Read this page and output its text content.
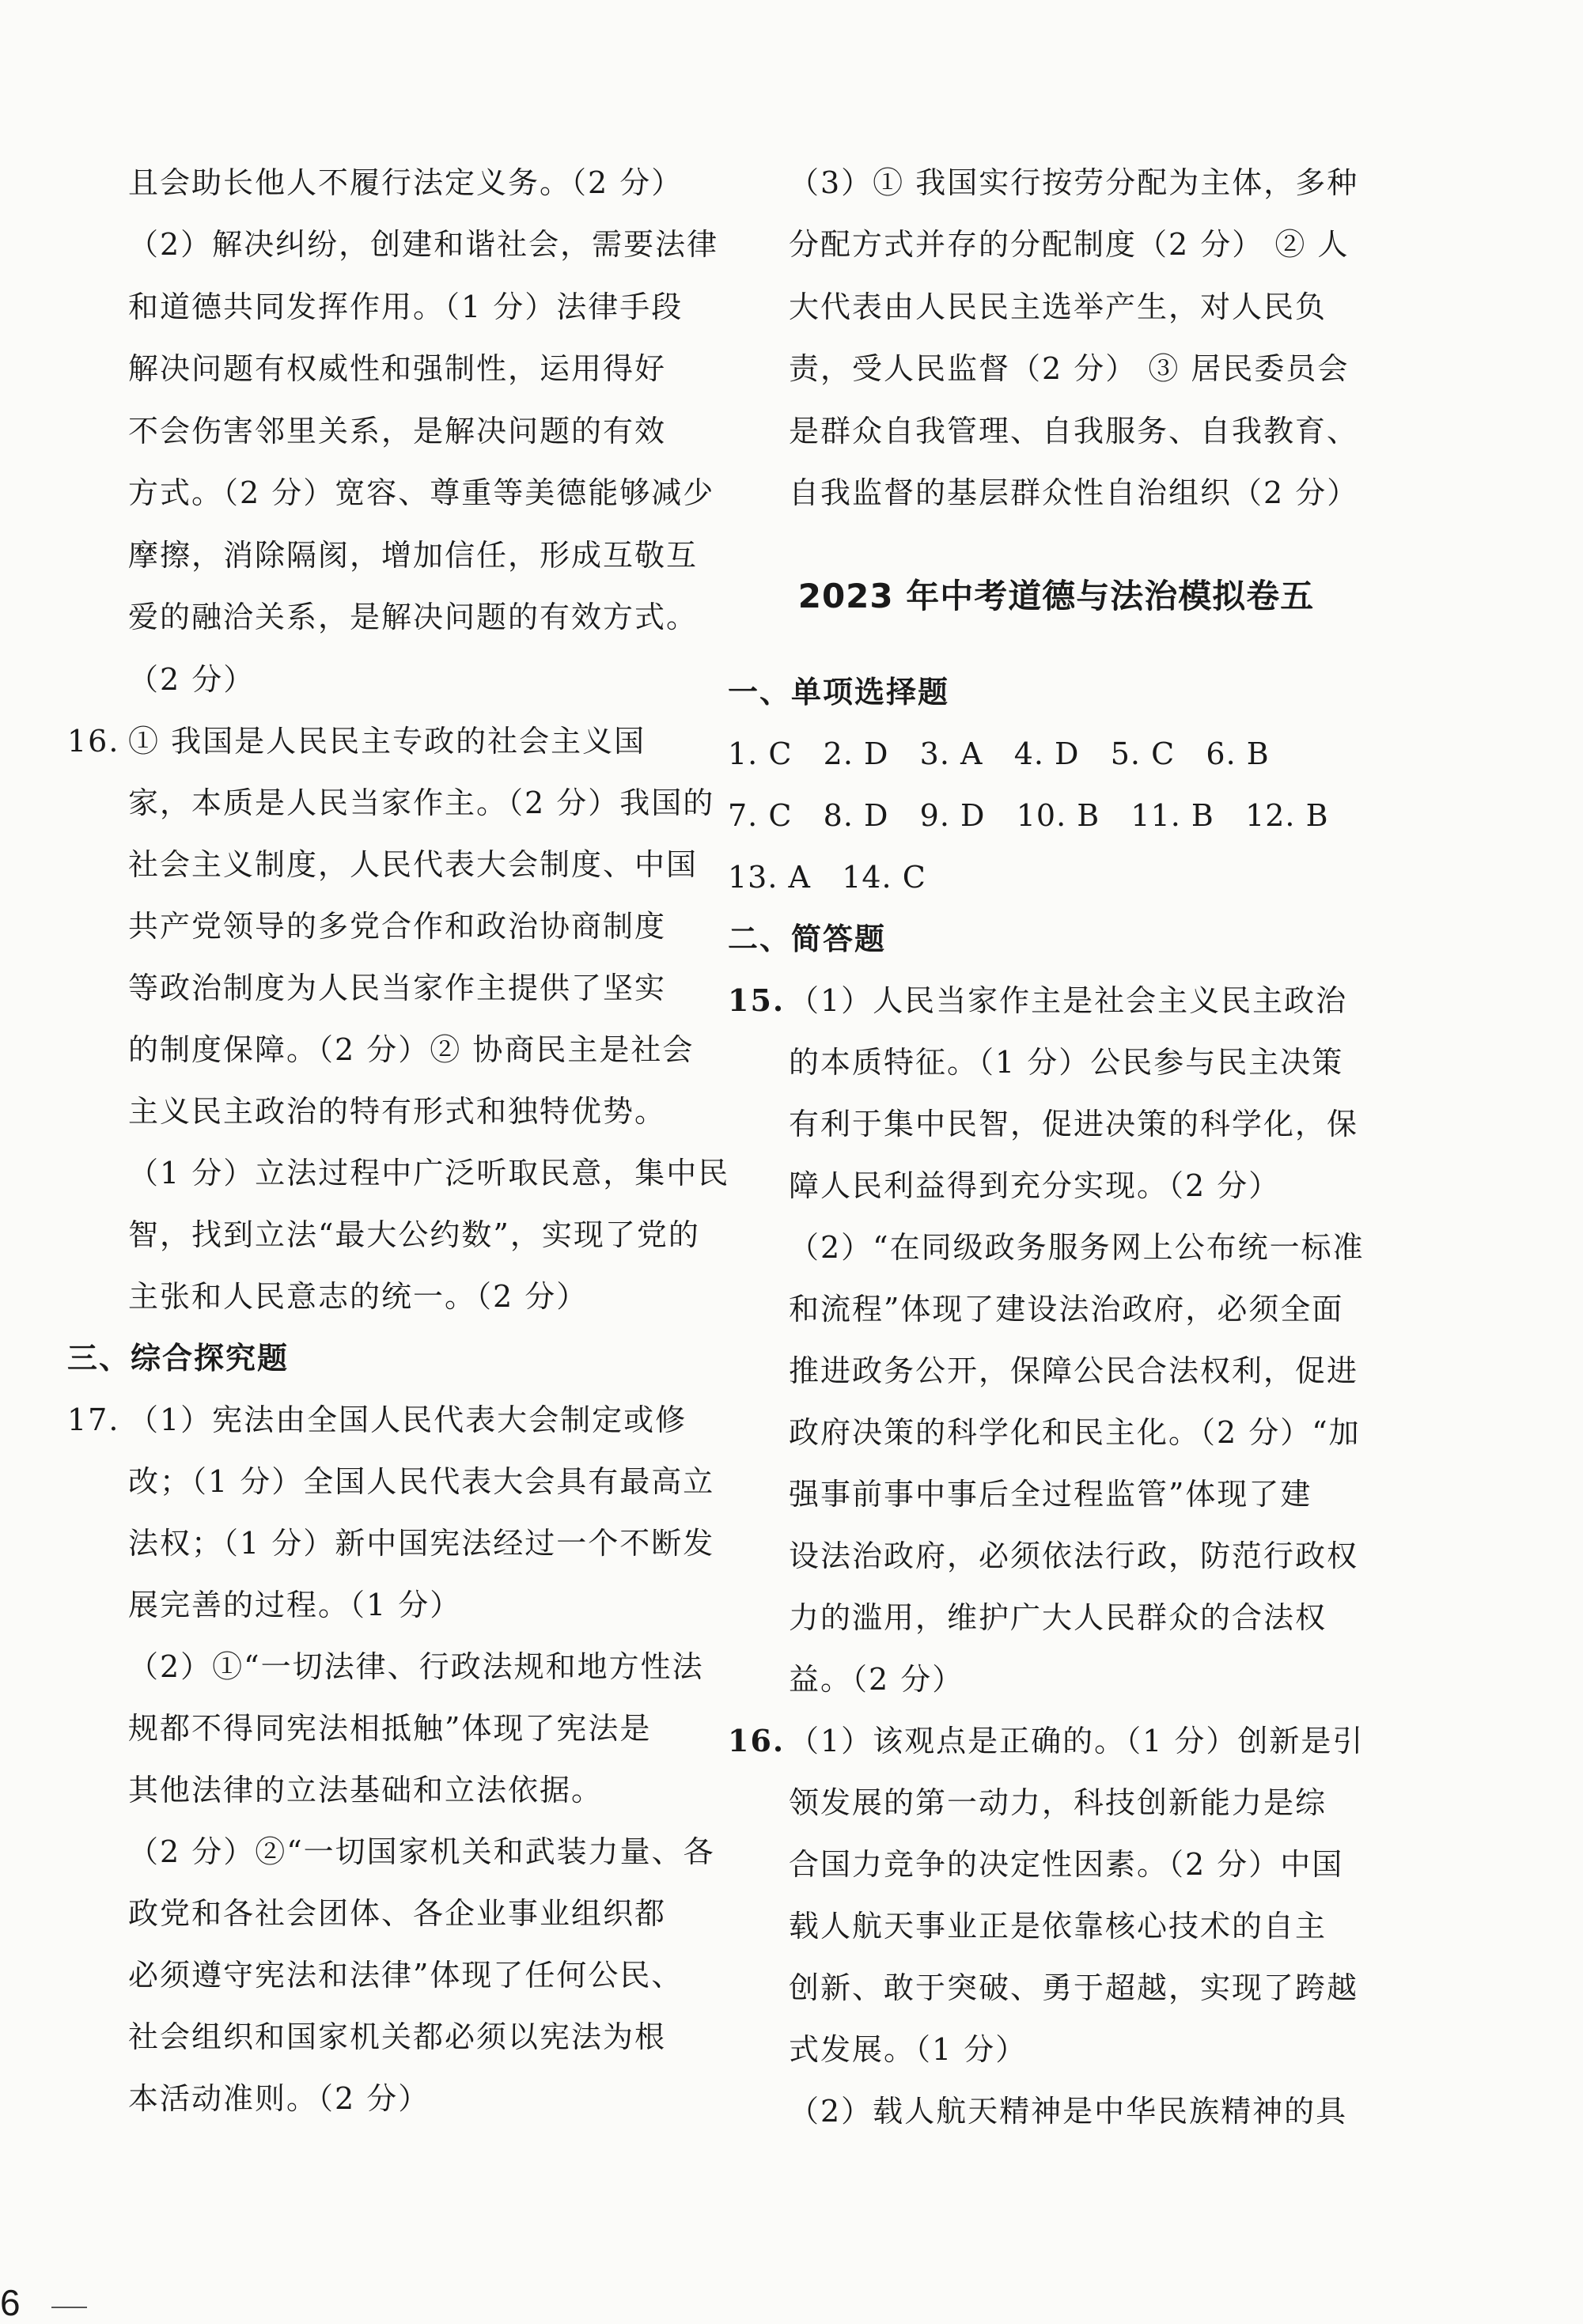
且会助长他人不履行法定义务。（2 分）
（2）解决纠纷，创建和谐社会，需要法律
和道德共同发挥作用。（1 分）法律手段
解决问题有权威性和强制性，运用得好
不会伤害邻里关系，是解决问题的有效
方式。（2 分）宽容、尊重等美德能够减少
摩擦，消除隔阂，增加信任，形成互敬互
爱的融洽关系，是解决问题的有效方式。
（2 分）
16. ① 我国是人民民主专政的社会主义国
家，本质是人民当家作主。（2 分）我国的
社会主义制度，人民代表大会制度、中国
共产党领导的多党合作和政治协商制度
等政治制度为人民当家作主提供了坚实
的制度保障。（2 分）② 协商民主是社会
主义民主政治的特有形式和独特优势。
（1 分）立法过程中广泛听取民意，集中民
智，找到立法“最大公约数”，实现了党的
主张和人民意志的统一。（2 分）
三、综合探究题
17. （1）宪法由全国人民代表大会制定或修
改；（1 分）全国人民代表大会具有最高立
法权；（1 分）新中国宪法经过一个不断发
展完善的过程。（1 分）
（2）①“一切法律、行政法规和地方性法
规都不得同宪法相抵触”体现了宪法是
其他法律的立法基础和立法依据。
（2 分）②“一切国家机关和武装力量、各
政党和各社会团体、各企业事业组织都
必须遵守宪法和法律”体现了任何公民、
社会组织和国家机关都必须以宪法为根
本活动准则。（2 分）
6
（3）① 我国实行按劳分配为主体，多种
分配方式并存的分配制度（2 分） ② 人
大代表由人民民主选举产生，对人民负
责，受人民监督（2 分） ③ 居民委员会
是群众自我管理、自我服务、自我教育、
自我监督的基层群众性自治组织（2 分）
2023 年中考道德与法治模拟卷五
一、单项选择题
1. C   2. D   3. A   4. D   5. C   6. B
7. C   8. D   9. D   10. B   11. B   12. B
13. A   14. C
二、简答题
15. （1）人民当家作主是社会主义民主政治
的本质特征。（1 分）公民参与民主决策
有利于集中民智，促进决策的科学化，保
障人民利益得到充分实现。（2 分）
（2）“在同级政务服务网上公布统一标准
和流程”体现了建设法治政府，必须全面
推进政务公开，保障公民合法权利，促进
政府决策的科学化和民主化。（2 分）“加
强事前事中事后全过程监管”体现了建
设法治政府，必须依法行政，防范行政权
力的滥用，维护广大人民群众的合法权
益。（2 分）
16. （1）该观点是正确的。（1 分）创新是引
领发展的第一动力，科技创新能力是综
合国力竞争的决定性因素。（2 分）中国
载人航天事业正是依靠核心技术的自主
创新、敢于突破、勇于超越，实现了跨越
式发展。（1 分）
（2）载人航天精神是中华民族精神的具
